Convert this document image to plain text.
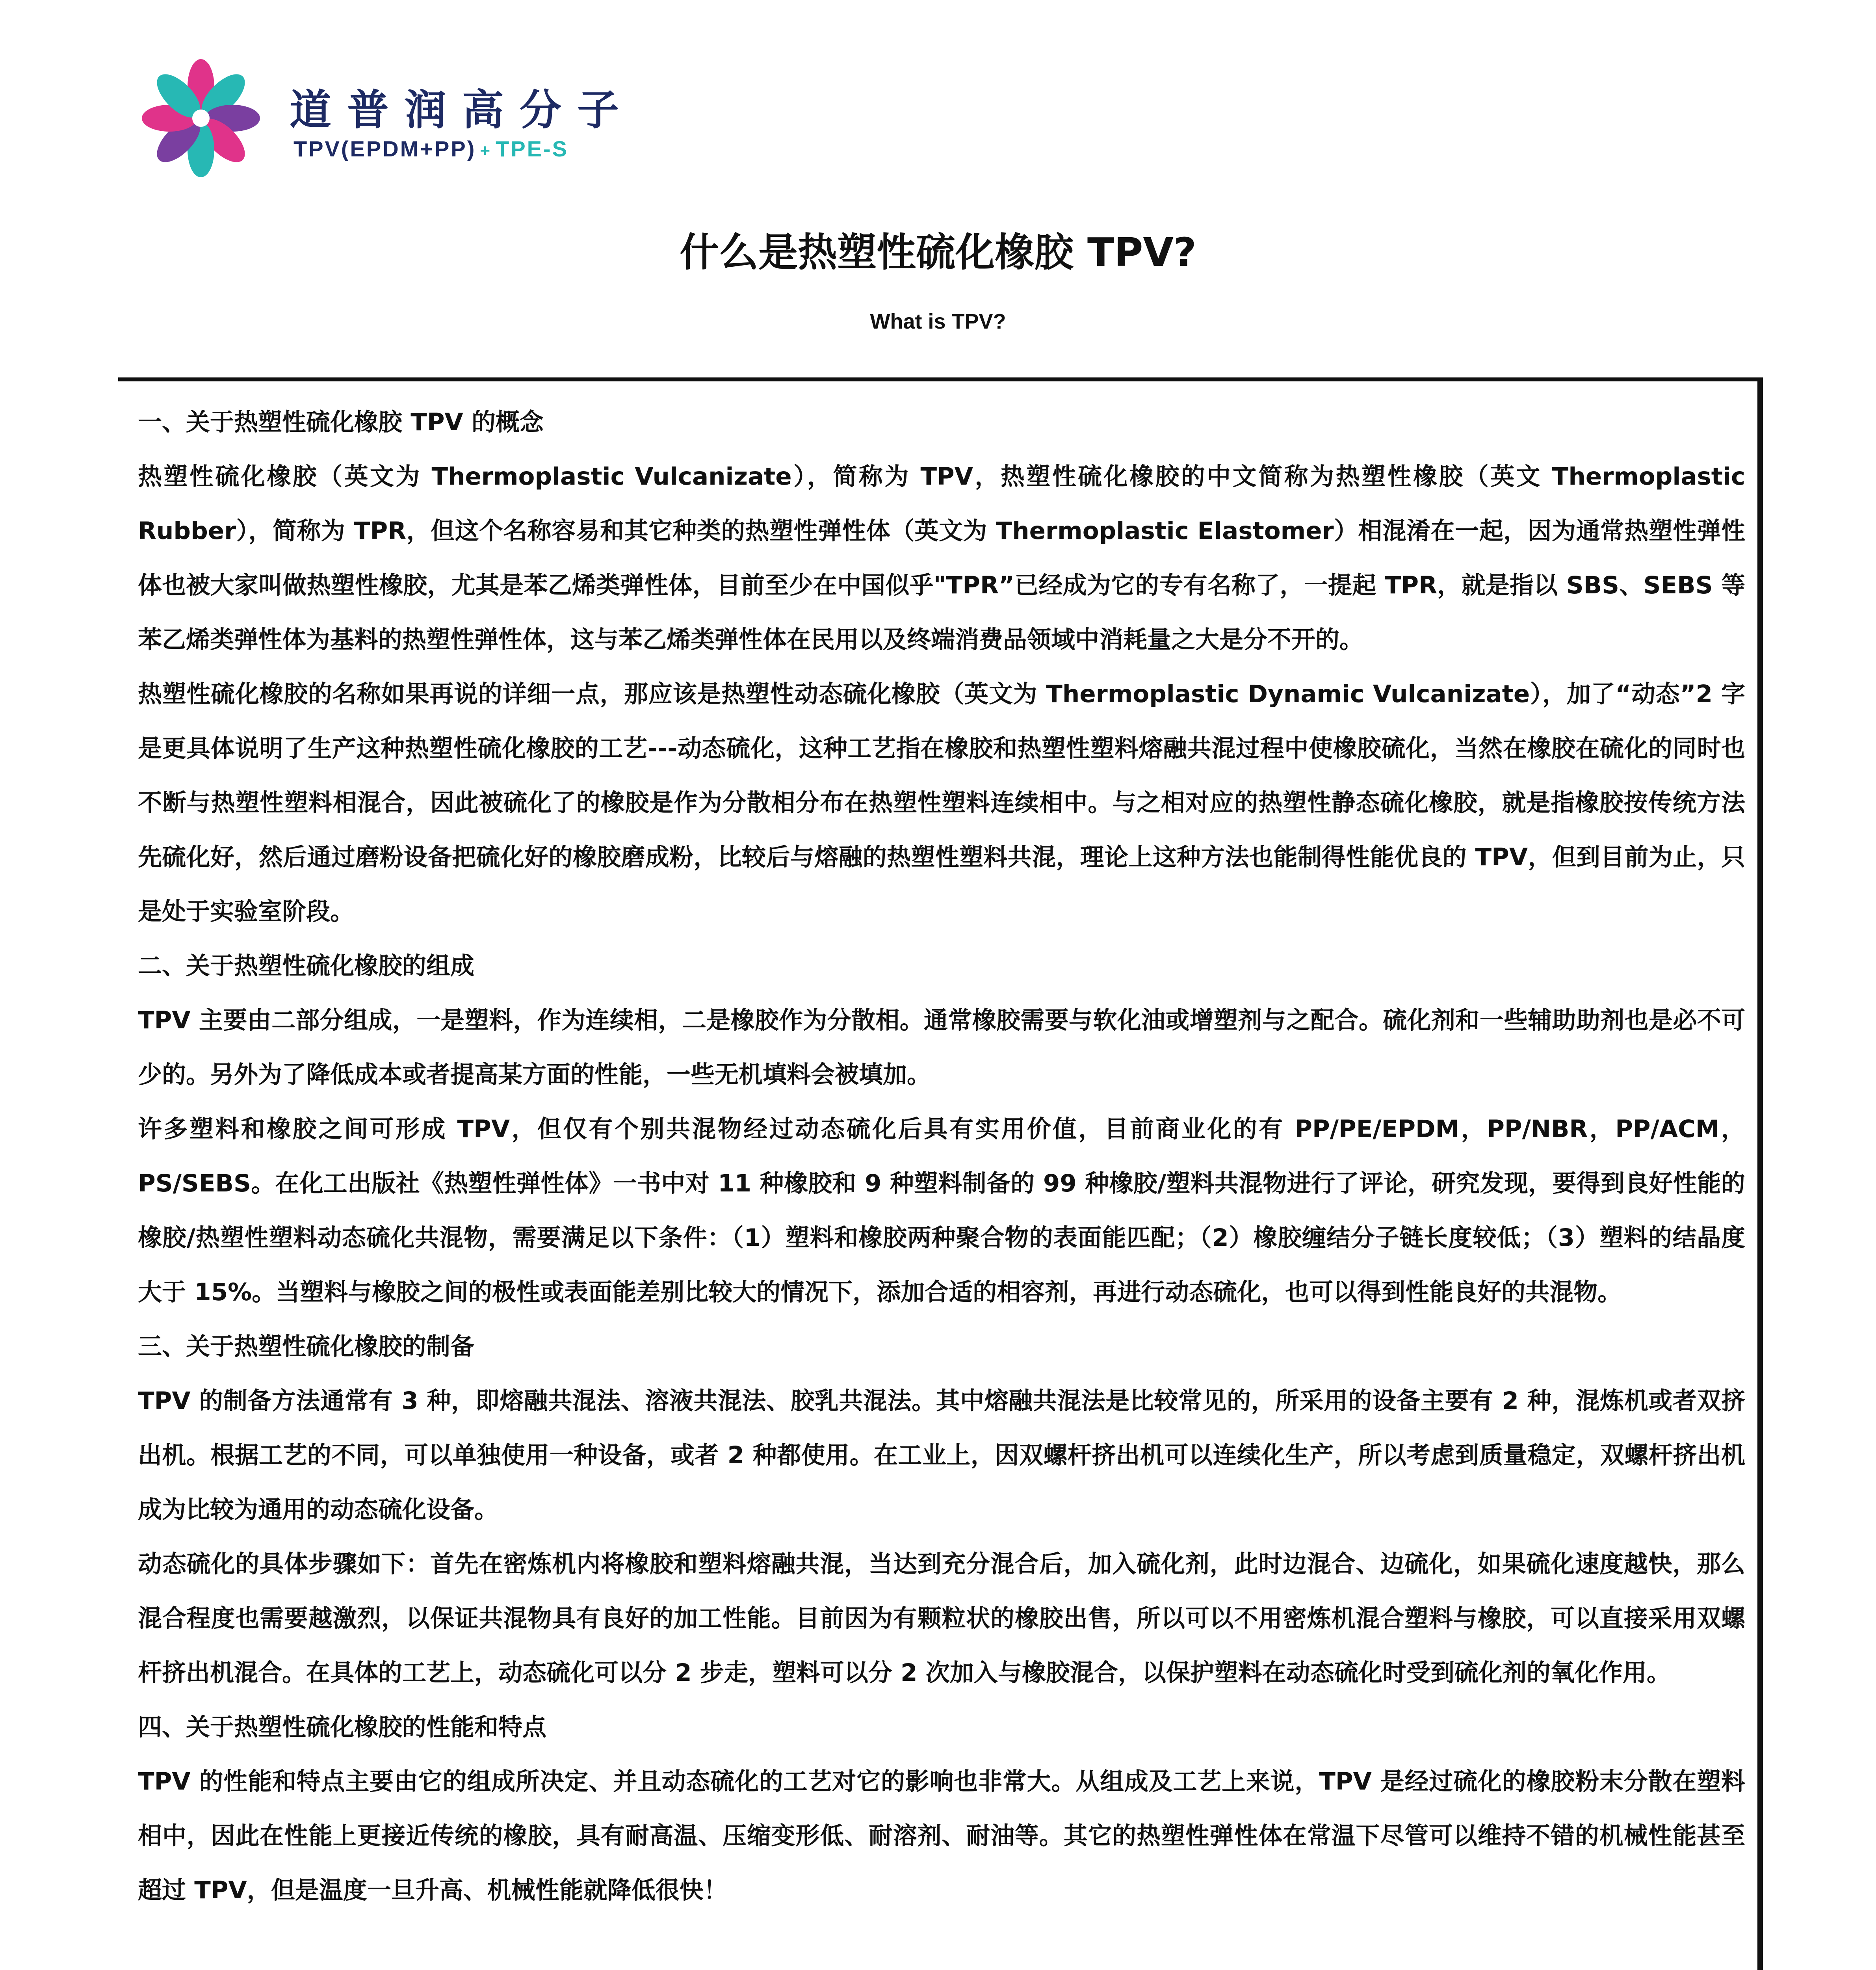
道普润高分子
TPV(EPDM+PP) + TPE-S
什么是热塑性硫化橡胶 TPV?
What is TPV?
一、关于热塑性硫化橡胶 TPV 的概念

热塑性硫化橡胶（英文为 Thermoplastic Vulcanizate），简称为 TPV，热塑性硫化橡胶的中文简称为热塑性橡胶（英文 Thermoplastic Rubber），简称为 TPR，但这个名称容易和其它种类的热塑性弹性体（英文为 Thermoplastic Elastomer）相混淆在一起，因为通常热塑性弹性体也被大家叫做热塑性橡胶，尤其是苯乙烯类弹性体，目前至少在中国似乎"TPR”已经成为它的专有名称了，一提起 TPR，就是指以 SBS、SEBS 等苯乙烯类弹性体为基料的热塑性弹性体，这与苯乙烯类弹性体在民用以及终端消费品领域中消耗量之大是分不开的。

热塑性硫化橡胶的名称如果再说的详细一点，那应该是热塑性动态硫化橡胶（英文为 Thermoplastic Dynamic Vulcanizate），加了“动态”2 字是更具体说明了生产这种热塑性硫化橡胶的工艺---动态硫化，这种工艺指在橡胶和热塑性塑料熔融共混过程中使橡胶硫化，当然在橡胶在硫化的同时也不断与热塑性塑料相混合，因此被硫化了的橡胶是作为分散相分布在热塑性塑料连续相中。与之相对应的热塑性静态硫化橡胶，就是指橡胶按传统方法先硫化好，然后通过磨粉设备把硫化好的橡胶磨成粉，比较后与熔融的热塑性塑料共混，理论上这种方法也能制得性能优良的 TPV，但到目前为止，只是处于实验室阶段。

二、关于热塑性硫化橡胶的组成

TPV 主要由二部分组成，一是塑料，作为连续相，二是橡胶作为分散相。通常橡胶需要与软化油或增塑剂与之配合。硫化剂和一些辅助助剂也是必不可少的。另外为了降低成本或者提高某方面的性能，一些无机填料会被填加。

许多塑料和橡胶之间可形成 TPV，但仅有个别共混物经过动态硫化后具有实用价值，目前商业化的有 PP/PE/EPDM，PP/NBR，PP/ACM，PS/SEBS。在化工出版社《热塑性弹性体》一书中对 11 种橡胶和 9 种塑料制备的 99 种橡胶/塑料共混物进行了评论，研究发现，要得到良好性能的橡胶/热塑性塑料动态硫化共混物，需要满足以下条件：（1）塑料和橡胶两种聚合物的表面能匹配；（2）橡胶缠结分子链长度较低；（3）塑料的结晶度大于 15%。当塑料与橡胶之间的极性或表面能差别比较大的情况下，添加合适的相容剂，再进行动态硫化，也可以得到性能良好的共混物。

三、关于热塑性硫化橡胶的制备

TPV 的制备方法通常有 3 种，即熔融共混法、溶液共混法、胶乳共混法。其中熔融共混法是比较常见的，所采用的设备主要有 2 种，混炼机或者双挤出机。根据工艺的不同，可以单独使用一种设备，或者 2 种都使用。在工业上，因双螺杆挤出机可以连续化生产，所以考虑到质量稳定，双螺杆挤出机成为比较为通用的动态硫化设备。

动态硫化的具体步骤如下：首先在密炼机内将橡胶和塑料熔融共混，当达到充分混合后，加入硫化剂，此时边混合、边硫化，如果硫化速度越快，那么混合程度也需要越激烈，以保证共混物具有良好的加工性能。目前因为有颗粒状的橡胶出售，所以可以不用密炼机混合塑料与橡胶，可以直接采用双螺杆挤出机混合。在具体的工艺上，动态硫化可以分 2 步走，塑料可以分 2 次加入与橡胶混合，以保护塑料在动态硫化时受到硫化剂的氧化作用。

四、关于热塑性硫化橡胶的性能和特点

TPV 的性能和特点主要由它的组成所决定、并且动态硫化的工艺对它的影响也非常大。从组成及工艺上来说，TPV 是经过硫化的橡胶粉末分散在塑料相中，因此在性能上更接近传统的橡胶，具有耐高温、压缩变形低、耐溶剂、耐油等。其它的热塑性弹性体在常温下尽管可以维持不错的机械性能甚至超过 TPV，但是温度一旦升高、机械性能就降低很快！
